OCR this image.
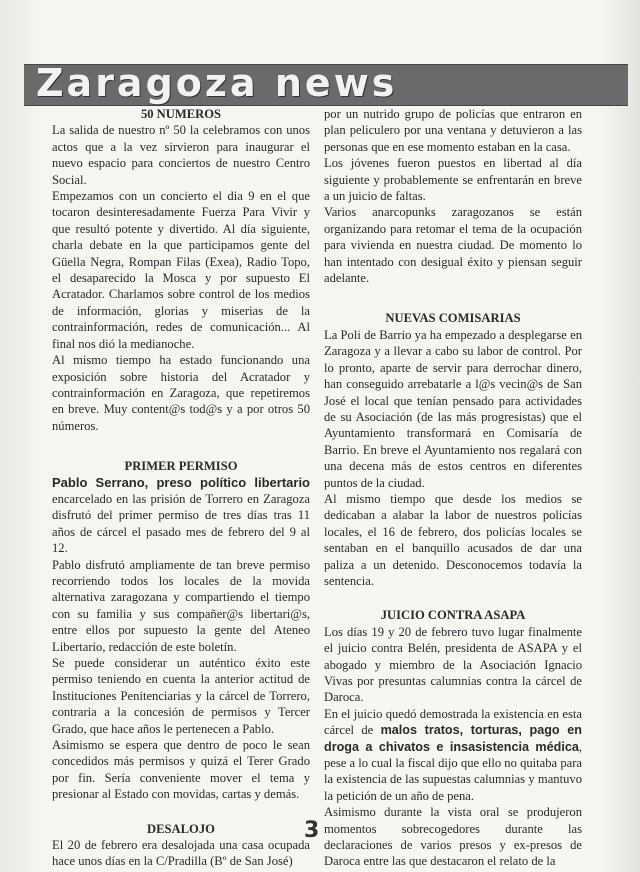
Zaragoza news

50 NUMEROS

La salida de nuestro nº 50 la celebramos con unos actos que a la vez sirvieron para inaugurar el nuevo espacio para conciertos de nuestro Centro Social.

Empezamos con un concierto el dia 9 en el que tocaron desinteresadamente Fuerza Para Vivir y que resultó potente y divertido. Al día siguiente, charla debate en la que participamos gente del Güella Negra, Rompan Filas (Exea), Radio Topo, el desaparecido la Mosca y por supuesto El Acratador. Charlamos sobre control de los medios de información, glorias y miserias de la contrainformación, redes de comunicación... Al final nos dió la medianoche.

Al mismo tiempo ha estado funcionando una exposición sobre historia del Acratador y contrainformación en Zaragoza, que repetiremos en breve. Muy content@s tod@s y a por otros 50 números.

PRIMER PERMISO

Pablo Serrano, preso político libertario encarcelado en las prisión de Torrero en Zaragoza disfrutó del primer permiso de tres días tras 11 años de cárcel el pasado mes de febrero del 9 al 12.

Pablo disfrutó ampliamente de tan breve permiso recorriendo todos los locales de la movida alternativa zaragozana y compartiendo el tiempo con su familia y sus compañer@s libertari@s, entre ellos por supuesto la gente del Ateneo Libertario, redacción de este boletín.

Se puede considerar un auténtico éxito este permiso teniendo en cuenta la anterior actitud de Instituciones Penitenciarias y la cárcel de Torrero, contraria a la concesión de permisos y Tercer Grado, que hace años le pertenecen a Pablo.

Asimismo se espera que dentro de poco le sean concedidos más permisos y quizá el Terer Grado por fin. Sería conveniente mover el tema y presionar al Estado con movidas, cartas y demás.

DESALOJO

El 20 de febrero era desalojada una casa ocupada hace unos días en la C/Pradilla (Bº de San José)

por un nutrido grupo de policías que entraron en plan peliculero por una ventana y detuvieron a las personas que en ese momento estaban en la casa.

Los jóvenes fueron puestos en libertad al día siguiente y probablemente se enfrentarán en breve a un juicio de faltas.

Varios anarcopunks zaragozanos se están organizando para retomar el tema de la ocupación para vivienda en nuestra ciudad. De momento lo han intentado con desigual éxito y piensan seguir adelante.

NUEVAS COMISARIAS

La Poli de Barrio ya ha empezado a desplegarse en Zaragoza y a llevar a cabo su labor de control. Por lo pronto, aparte de servir para derrochar dinero, han conseguido arrebatarle a l@s vecin@s de San José el local que tenían pensado para actividades de su Asociación (de las más progresistas) que el Ayuntamiento transformará en Comisaría de Barrio. En breve el Ayuntamiento nos regalará con una decena más de estos centros en diferentes puntos de la ciudad.

Al mismo tiempo que desde los medios se dedicaban a alabar la labor de nuestros policías locales, el 16 de febrero, dos policías locales se sentaban en el banquillo acusados de dar una paliza a un detenido. Desconocemos todavía la sentencia.

JUICIO CONTRA ASAPA

Los días 19 y 20 de febrero tuvo lugar finalmente el juicio contra Belén, presidenta de ASAPA y el abogado y miembro de la Asociación Ignacio Vivas por presuntas calumnias contra la cárcel de Daroca.

En el juicio quedó demostrada la existencia en esta cárcel de malos tratos, torturas, pago en droga a chivatos e insasistencia médica, pese a lo cual la fiscal dijo que ello no quitaba para la existencia de las supuestas calumnias y mantuvo la petición de un año de pena.

Asimismo durante la vista oral se produjeron momentos sobrecogedores durante las declaraciones de varios presos y ex-presos de Daroca entre las que destacaron el relato de la

3
